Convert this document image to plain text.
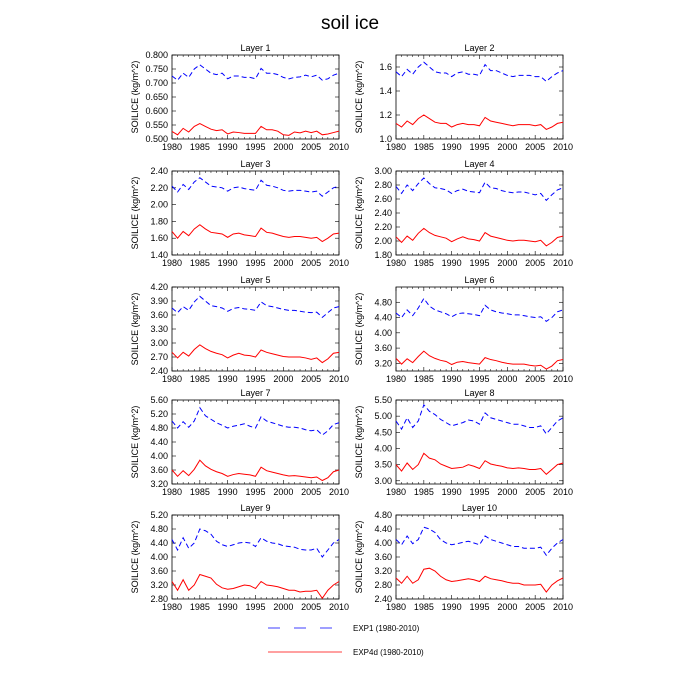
soil ice
Layer 1
SOILICE (kg/m^2)
1980 1985 1990 1995 2000 2005 2010
0.500
0.550
0.600
0.650
0.700
0.750
0.800
Layer 2
SOILICE (kg/m^2)
1980 1985 1990 1995 2000 2005 2010
1.0
1.2
1.4
1.6
Layer 3
SOILICE (kg/m^2)
1980 1985 1990 1995 2000 2005 2010
1.40
1.60
1.80
2.00
2.20
2.40
Layer 4
SOILICE (kg/m^2)
1980 1985 1990 1995 2000 2005 2010
1.80
2.00
2.20
2.40
2.60
2.80
3.00
Layer 5
SOILICE (kg/m^2)
1980 1985 1990 1995 2000 2005 2010
2.40
2.70
3.00
3.30
3.60
3.90
4.20
Layer 6
SOILICE (kg/m^2)
1980 1985 1990 1995 2000 2005 2010
3.20
3.60
4.00
4.40
4.80
Layer 7
SOILICE (kg/m^2)
1980 1985 1990 1995 2000 2005 2010
3.20
3.60
4.00
4.40
4.80
5.20
5.60
Layer 8
SOILICE (kg/m^2)
1980 1985 1990 1995 2000 2005 2010
3.00
3.50
4.00
4.50
5.00
5.50
Layer 9
SOILICE (kg/m^2)
1980 1985 1990 1995 2000 2005 2010
2.80
3.20
3.60
4.00
4.40
4.80
5.20
Layer 10
SOILICE (kg/m^2)
1980 1985 1990 1995 2000 2005 2010
2.40
2.80
3.20
3.60
4.00
4.40
4.80
EXP1 (1980-2010)
EXP4d (1980-2010)
